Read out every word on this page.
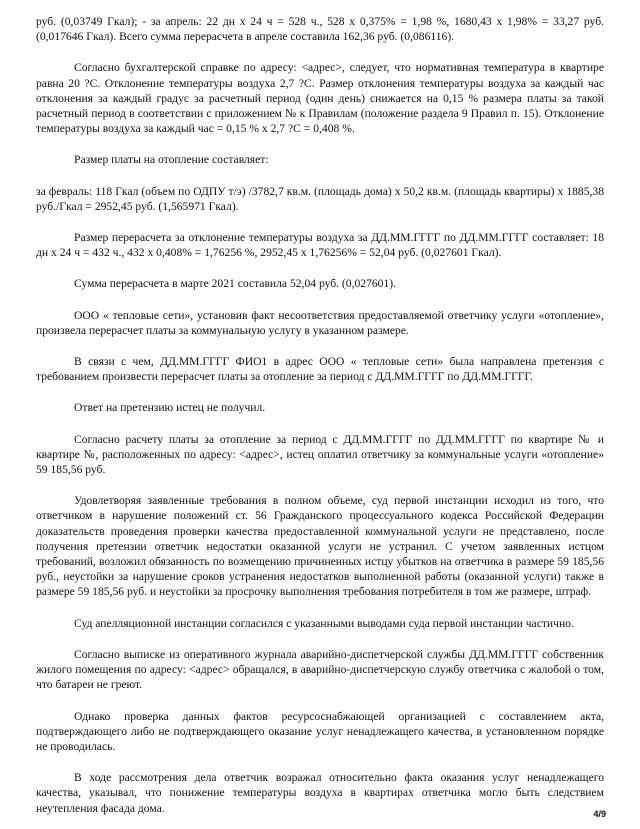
руб. (0,03749 Гкал); - за апрель: 22 дн х 24 ч = 528 ч., 528 х 0,375% = 1,98 %, 1680,43 х 1,98% = 33,27 руб. (0,017646 Гкал). Всего сумма перерасчета в апреле составила 162,36 руб. (0,086116).

Согласно бухгалтерской справке по адресу: <адрес>, следует, что нормативная температура в квартире равна 20 ?С. Отклонение температуры воздуха 2,7 ?С. Размер отклонения температуры воздуха за каждый час отклонения за каждый градус за расчетный период (один день) снижается на 0,15 % размера платы за такой расчетный период в соответствии с приложением № к Правилам (положение раздела 9 Правил п. 15). Отклонение температуры воздуха за каждый час = 0,15 % х 2,7 ?С = 0,408 %.

Размер платы на отопление составляет:

за февраль: 118 Гкал (объем по ОДПУ т/э) /3782,7 кв.м. (площадь дома) х 50,2 кв.м. (площадь квартиры) х 1885,38 руб./Гкал = 2952,45 руб. (1,565971 Гкал).

Размер перерасчета за отклонение температуры воздуха за ДД.ММ.ГГГГ по ДД.ММ.ГГГГ составляет: 18 дн х 24 ч = 432 ч., 432 х 0,408% = 1,76256 %, 2952,45 х 1,76256% = 52,04 руб. (0,027601 Гкал).

Сумма перерасчета в марте 2021 составила 52,04 руб. (0,027601).

ООО « тепловые сети», установив факт несоответствия предоставляемой ответчику услуги «отопление», произвела перерасчет платы за коммунальную услугу в указанном размере.

В связи с чем, ДД.ММ.ГГГГ ФИО1 в адрес ООО « тепловые сети» была направлена претензия с требованием произвести перерасчет платы за отопление за период с ДД.ММ.ГГГГ по ДД.ММ.ГГГГ.

Ответ на претензию истец не получил.

Согласно расчету платы за отопление за период с ДД.ММ.ГГГГ по ДД.ММ.ГГГГ по квартире № и квартире №, расположенных по адресу: <адрес>, истец оплатил ответчику за коммунальные услуги «отопление» 59 185,56 руб.

Удовлетворяя заявленные требования в полном объеме, суд первой инстанции исходил из того, что ответчиком в нарушение положений ст. 56 Гражданского процессуального кодекса Российской Федерации доказательств проведения проверки качества предоставленной коммунальной услуги не представлено, после получения претензии ответчик недостатки оказанной услуги не устранил. С учетом заявленных истцом требований, возложил обязанность по возмещению причиненных истцу убытков на ответчика в размере 59 185,56 руб., неустойки за нарушение сроков устранения недостатков выполненной работы (оказанной услуги) также в размере 59 185,56 руб. и неустойки за просрочку выполнения требования потребителя в том же размере, штраф.

Суд апелляционной инстанции согласился с указанными выводами суда первой инстанции частично.

Согласно выписке из оперативного журнала аварийно-диспетчерской службы ДД.ММ.ГГГГ собственник жилого помещения по адресу: <адрес> обращался, в аварийно-диспетчерскую службу ответчика с жалобой о том, что батареи не греют.

Однако проверка данных фактов ресурсоснабжающей организацией с составлением акта, подтверждающего либо не подтверждающего оказание услуг ненадлежащего качества, в установленном порядке не проводилась.

В ходе рассмотрения дела ответчик возражал относительно факта оказания услуг ненадлежащего качества, указывал, что понижение температуры воздуха в квартирах ответчика могло быть следствием неутепления фасада дома.	4/9
